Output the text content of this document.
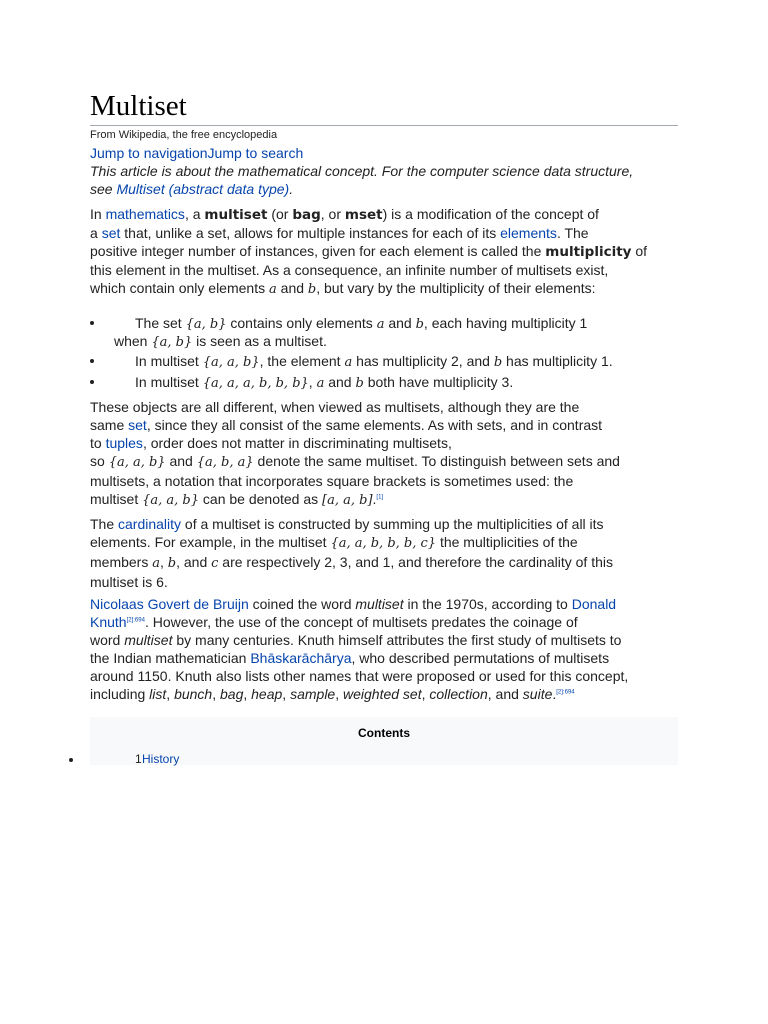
Multiset
From Wikipedia, the free encyclopedia
Jump to navigationJump to search
This article is about the mathematical concept. For the computer science data structure,
see Multiset (abstract data type).
In mathematics, a multiset (or bag, or mset) is a modification of the concept of
a set that, unlike a set, allows for multiple instances for each of its elements. The
positive integer number of instances, given for each element is called the multiplicity of
this element in the multiset. As a consequence, an infinite number of multisets exist,
which contain only elements a and b, but vary by the multiplicity of their elements:
The set {a, b} contains only elements a and b, each having multiplicity 1
when {a, b} is seen as a multiset.
In multiset {a, a, b}, the element a has multiplicity 2, and b has multiplicity 1.
In multiset {a, a, a, b, b, b}, a and b both have multiplicity 3.
These objects are all different, when viewed as multisets, although they are the
same set, since they all consist of the same elements. As with sets, and in contrast
to tuples, order does not matter in discriminating multisets,
so {a, a, b} and {a, b, a} denote the same multiset. To distinguish between sets and
multisets, a notation that incorporates square brackets is sometimes used: the
multiset {a, a, b} can be denoted as [a, a, b].[1]
The cardinality of a multiset is constructed by summing up the multiplicities of all its
elements. For example, in the multiset {a, a, b, b, b, c} the multiplicities of the
members a, b, and c are respectively 2, 3, and 1, and therefore the cardinality of this
multiset is 6.
Nicolaas Govert de Bruijn coined the word multiset in the 1970s, according to Donald
Knuth$^{[2]:694}$. However, the use of the concept of multisets predates the coinage of
word multiset by many centuries. Knuth himself attributes the first study of multisets to
the Indian mathematician Bhāskarāchārya, who described permutations of multisets
around 1150. Knuth also lists other names that were proposed or used for this concept,
including list, bunch, bag, heap, sample, weighted set, collection, and suite.$^{[2]:694}$
Contents
1 History
